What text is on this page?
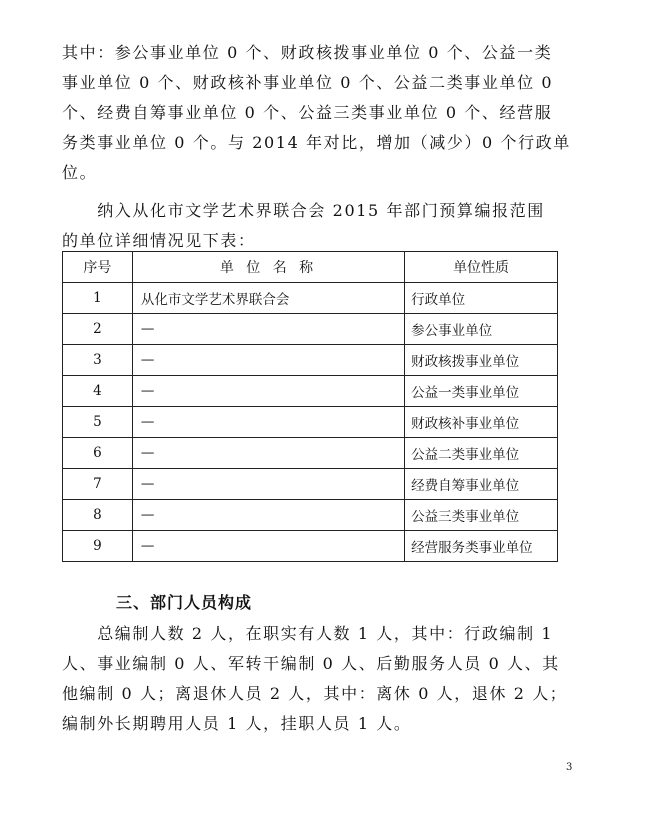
其中：参公事业单位 0 个、财政核拨事业单位 0 个、公益一类
事业单位 0 个、财政核补事业单位 0 个、公益二类事业单位 0
个、经费自筹事业单位 0 个、公益三类事业单位 0 个、经营服
务类事业单位 0 个。与 2014 年对比，增加（减少）0 个行政单
位。

　　纳入从化市文学艺术界联合会 2015 年部门预算编报范围
的单位详细情况见下表：

序号	单 位 名 称	单位性质
1	从化市文学艺术界联合会	行政单位
2	—	参公事业单位
3	—	财政核拨事业单位
4	—	公益一类事业单位
5	—	财政核补事业单位
6	—	公益二类事业单位
7	—	经费自筹事业单位
8	—	公益三类事业单位
9	—	经营服务类事业单位
三、部门人员构成

　　总编制人数 2 人，在职实有人数 1 人，其中：行政编制 1
人、事业编制 0 人、军转干编制 0 人、后勤服务人员 0 人、其
他编制 0 人；离退休人员 2 人，其中：离休 0 人，退休 2 人；
编制外长期聘用人员 1 人，挂职人员 1 人。

3
